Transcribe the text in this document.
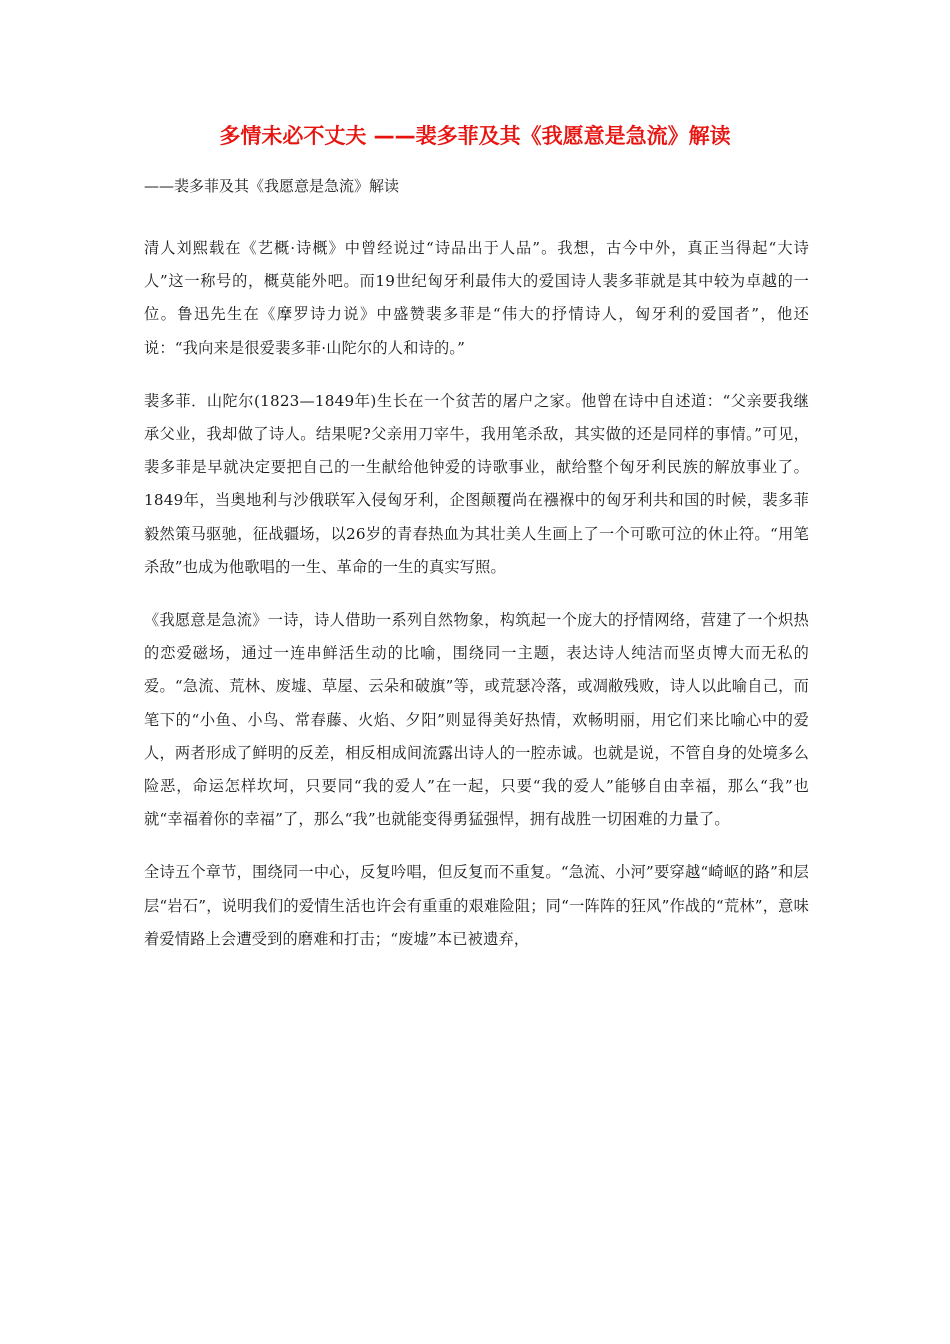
多情未必不丈夫 ——裴多菲及其《我愿意是急流》解读

——裴多菲及其《我愿意是急流》解读

清人刘熙载在《艺概·诗概》中曾经说过“诗品出于人品”。我想，古今中外，真正当得起“大诗人”这一称号的，概莫能外吧。而19世纪匈牙利最伟大的爱国诗人裴多菲就是其中较为卓越的一位。鲁迅先生在《摩罗诗力说》中盛赞裴多菲是“伟大的抒情诗人，匈牙利的爱国者”，他还说：“我向来是很爱裴多菲·山陀尔的人和诗的。”

裴多菲．山陀尔(1823—1849年)生长在一个贫苦的屠户之家。他曾在诗中自述道：“父亲要我继承父业，我却做了诗人。结果呢?父亲用刀宰牛，我用笔杀敌，其实做的还是同样的事情。”可见，裴多菲是早就决定要把自己的一生献给他钟爱的诗歌事业，献给整个匈牙利民族的解放事业了。1849年，当奥地利与沙俄联军入侵匈牙利，企图颠覆尚在襁褓中的匈牙利共和国的时候，裴多菲毅然策马驱驰，征战疆场，以26岁的青春热血为其壮美人生画上了一个可歌可泣的休止符。“用笔杀敌”也成为他歌唱的一生、革命的一生的真实写照。

《我愿意是急流》一诗，诗人借助一系列自然物象，构筑起一个庞大的抒情网络，营建了一个炽热的恋爱磁场，通过一连串鲜活生动的比喻，围绕同一主题，表达诗人纯洁而坚贞博大而无私的爱。“急流、荒林、废墟、草屋、云朵和破旗”等，或荒瑟冷落，或凋敝残败，诗人以此喻自己，而笔下的“小鱼、小鸟、常春藤、火焰、夕阳”则显得美好热情，欢畅明丽，用它们来比喻心中的爱人，两者形成了鲜明的反差，相反相成间流露出诗人的一腔赤诚。也就是说，不管自身的处境多么险恶，命运怎样坎坷，只要同“我的爱人”在一起，只要“我的爱人”能够自由幸福，那么“我”也就“幸福着你的幸福”了，那么“我”也就能变得勇猛强悍，拥有战胜一切困难的力量了。

全诗五个章节，围绕同一中心，反复吟唱，但反复而不重复。“急流、小河”要穿越“崎岖的路”和层层“岩石”，说明我们的爱情生活也许会有重重的艰难险阻；同“一阵阵的狂风”作战的“荒林”，意味着爱情路上会遭受到的磨难和打击；“废墟”本已被遗弃，
